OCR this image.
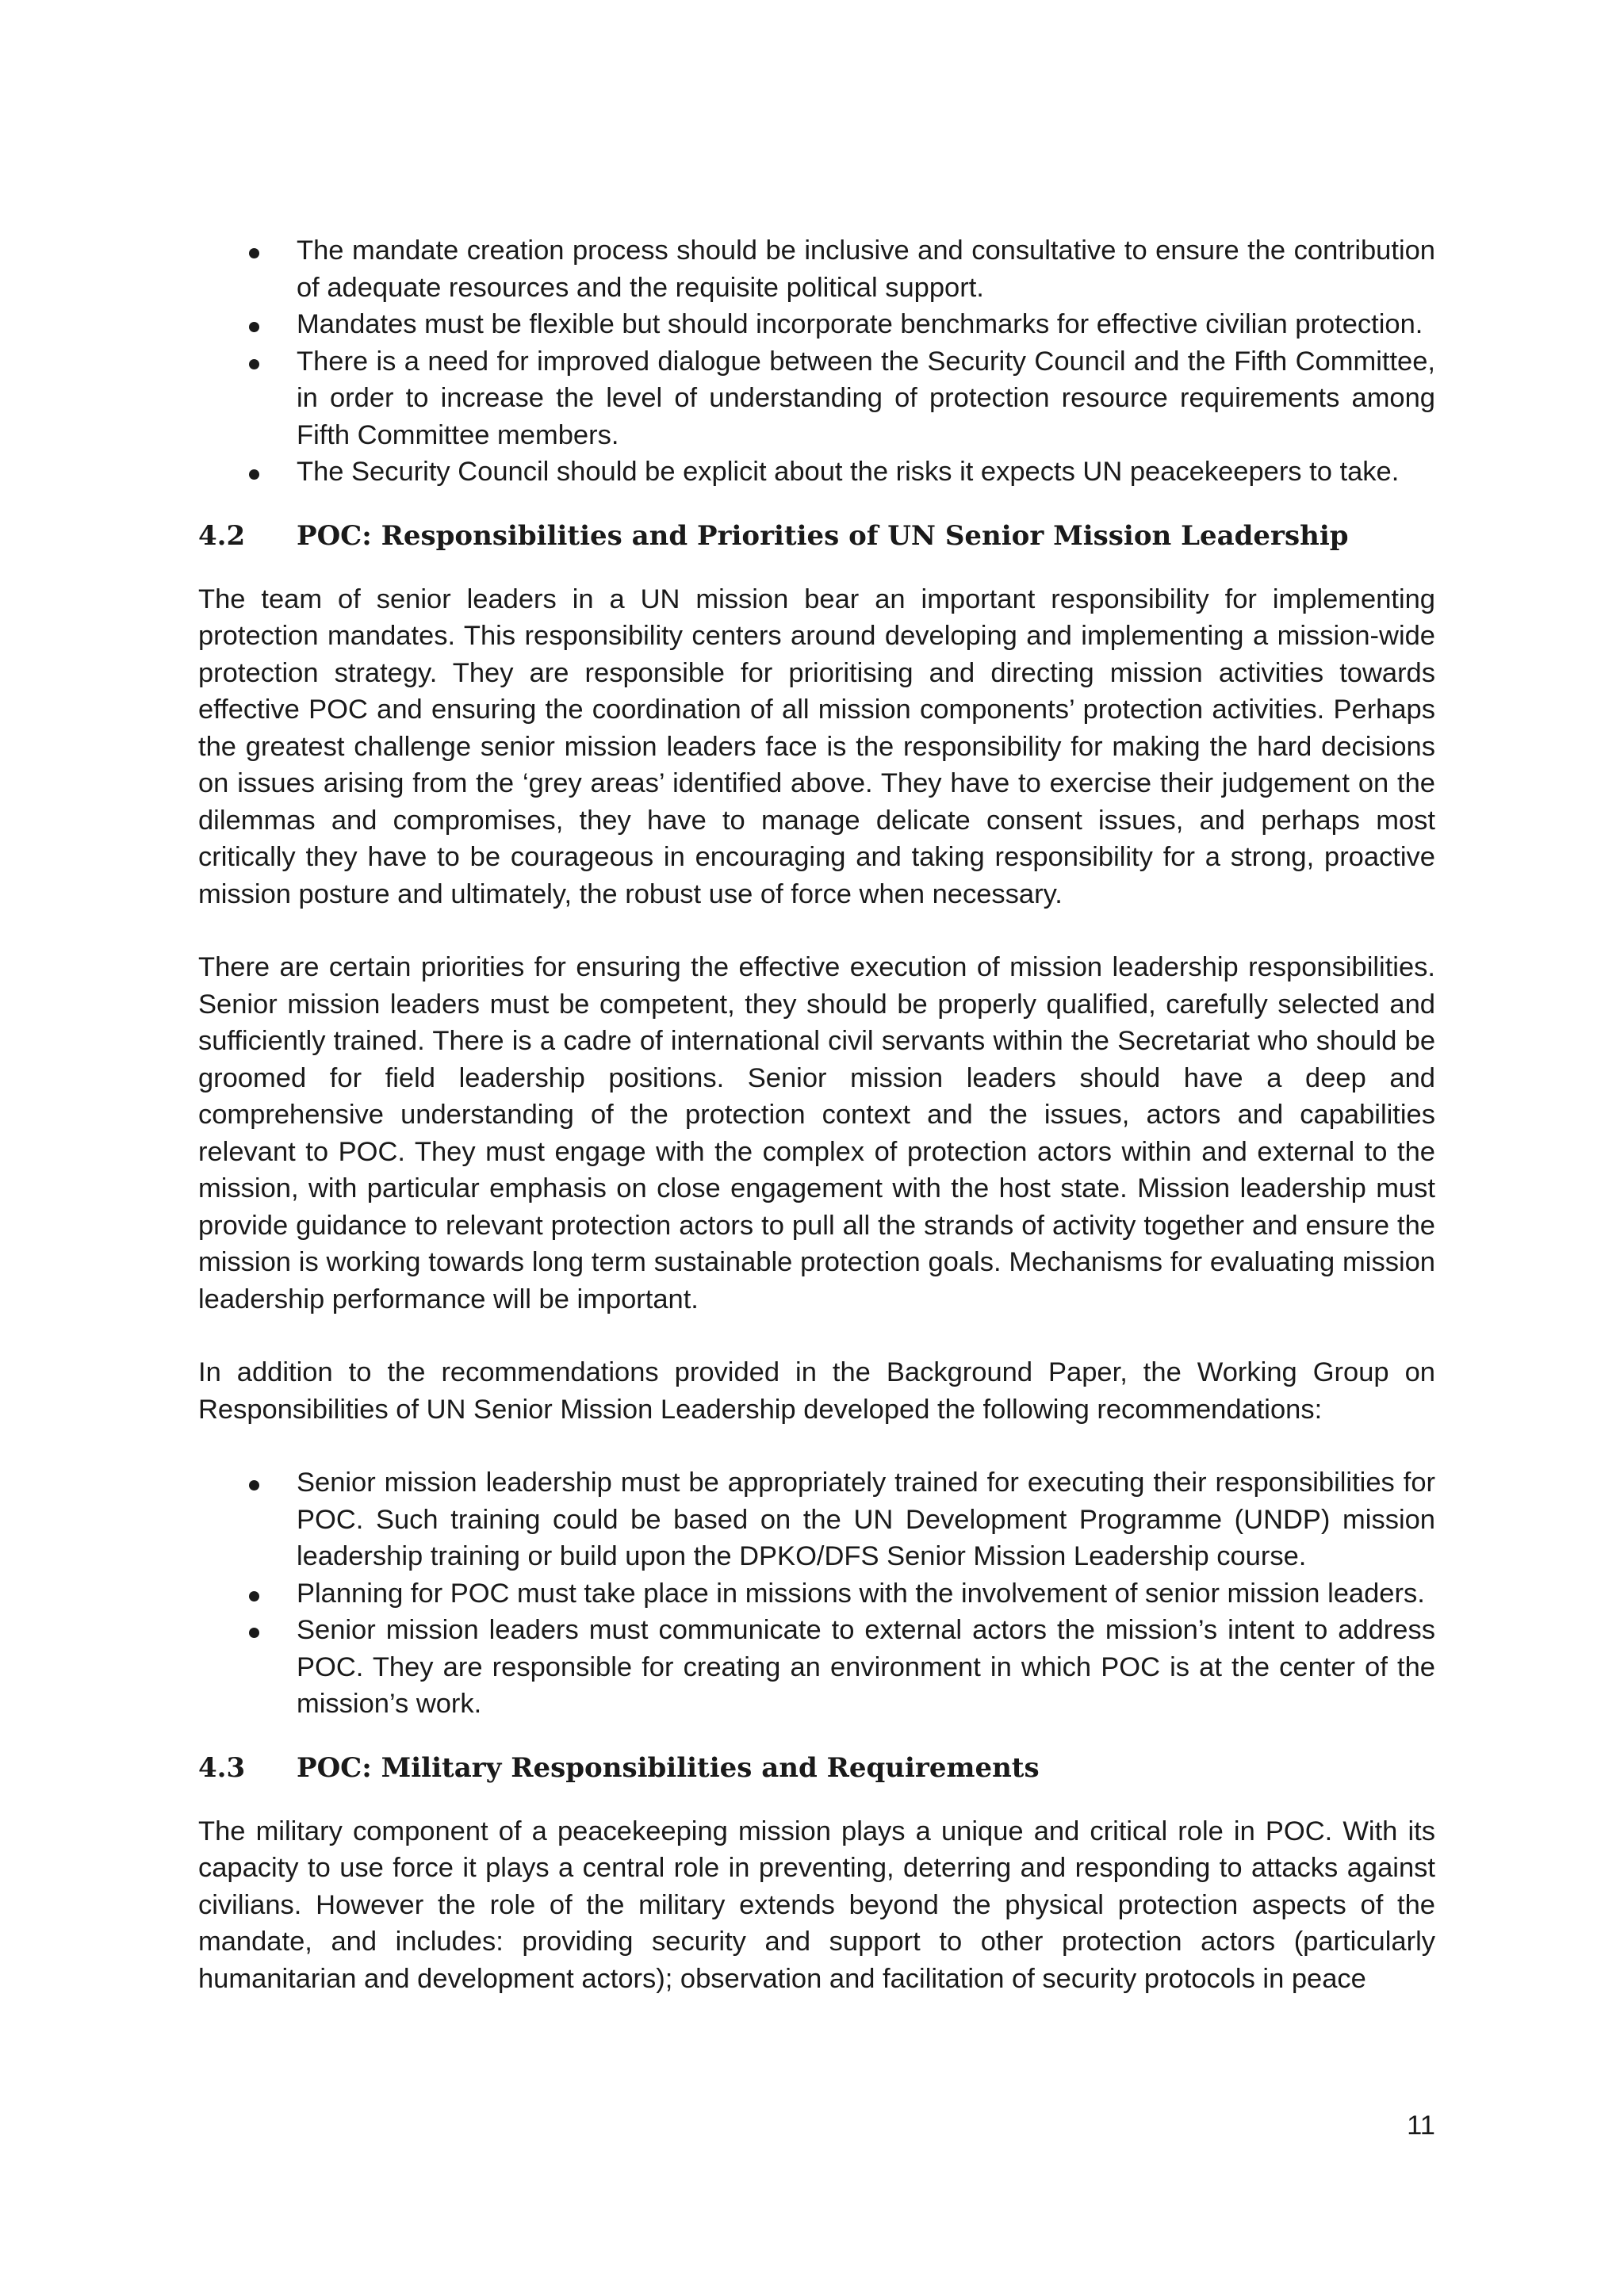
The mandate creation process should be inclusive and consultative to ensure the contribution of adequate resources and the requisite political support.
Mandates must be flexible but should incorporate benchmarks for effective civilian protection.
There is a need for improved dialogue between the Security Council and the Fifth Committee, in order to increase the level of understanding of protection resource requirements among Fifth Committee members.
The Security Council should be explicit about the risks it expects UN peacekeepers to take.
4.2	POC: Responsibilities and Priorities of UN Senior Mission Leadership

The team of senior leaders in a UN mission bear an important responsibility for implementing protection mandates. This responsibility centers around developing and implementing a mission-wide protection strategy. They are responsible for prioritising and directing mission activities towards effective POC and ensuring the coordination of all mission components’ protection activities. Perhaps the greatest challenge senior mission leaders face is the responsibility for making the hard decisions on issues arising from the ‘grey areas’ identified above. They have to exercise their judgement on the dilemmas and compromises, they have to manage delicate consent issues, and perhaps most critically they have to be courageous in encouraging and taking responsibility for a strong, proactive mission posture and ultimately, the robust use of force when necessary.

There are certain priorities for ensuring the effective execution of mission leadership responsibilities. Senior mission leaders must be competent, they should be properly qualified, carefully selected and sufficiently trained. There is a cadre of international civil servants within the Secretariat who should be groomed for field leadership positions. Senior mission leaders should have a deep and comprehensive understanding of the protection context and the issues, actors and capabilities relevant to POC. They must engage with the complex of protection actors within and external to the mission, with particular emphasis on close engagement with the host state. Mission leadership must provide guidance to relevant protection actors to pull all the strands of activity together and ensure the mission is working towards long term sustainable protection goals. Mechanisms for evaluating mission leadership performance will be important.

In addition to the recommendations provided in the Background Paper, the Working Group on Responsibilities of UN Senior Mission Leadership developed the following recommendations:

Senior mission leadership must be appropriately trained for executing their responsibilities for POC. Such training could be based on the UN Development Programme (UNDP) mission leadership training or build upon the DPKO/DFS Senior Mission Leadership course.
Planning for POC must take place in missions with the involvement of senior mission leaders.
Senior mission leaders must communicate to external actors the mission’s intent to address POC. They are responsible for creating an environment in which POC is at the center of the mission’s work.
4.3	POC: Military Responsibilities and Requirements

The military component of a peacekeeping mission plays a unique and critical role in POC. With its capacity to use force it plays a central role in preventing, deterring and responding to attacks against civilians. However the role of the military extends beyond the physical protection aspects of the mandate, and includes: providing security and support to other protection actors (particularly humanitarian and development actors); observation and facilitation of security protocols in peace

11
